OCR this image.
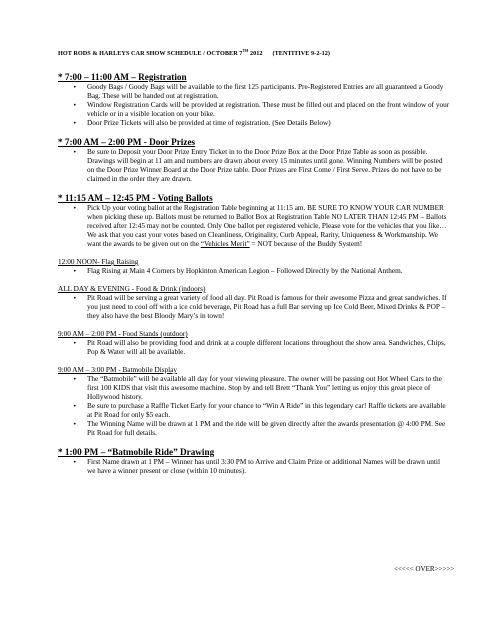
HOT RODS & HARLEYS CAR SHOW SCHEDULE / OCTOBER 7TH 2012 (TENTITIVE 9-2-12)
* 7:00 – 11:00 AM – Registration
• Goody Bags / Goody Bags will be available to the first 125 participants. Pre-Registered Entries are all guaranteed a Goody Bag. These will be handed out at registration.
• Window Registration Cards will be provided at registration. These must be filled out and placed on the front window of your vehicle or in a visible location on your bike.
• Door Prize Tickets will also be provided at time of registration. (See Details Below)
* 7:00 AM – 2:00 PM - Door Prizes
• Be sure to Deposit your Door Prize Entry Ticket in to the Door Prize Box at the Door Prize Table as soon as possible. Drawings will begin at 11 am and numbers are drawn about every 15 minutes until gone. Winning Numbers will be posted on the Door Prize Winner Board at the Door Prize table. Door Prizes are First Come / First Serve. Prizes do not have to be claimed in the order they are drawn.
* 11:15 AM – 12:45 PM - Voting Ballots
• Pick Up your voting ballot at the Registration Table beginning at 11:15 am. BE SURE TO KNOW YOUR CAR NUMBER when picking these up. Ballots must be returned to Ballot Box at Registration Table NO LATER THAN 12:45 PM – Ballots received after 12:45 may not be counted. Only One ballot per registered vehicle, Please vote for the vehicles that you like… We ask that you cast your votes based on Cleanliness, Originality, Curb Appeal, Rarity, Uniqueness & Workmanship. We want the awards to be given out on the “Vehicles Merit” = NOT because of the Buddy System!
12:00 NOON- Flag Raising
• Flag Rising at Main 4 Corners by Hopkinton American Legion – Followed Directly by the National Anthem.
ALL DAY & EVENING - Food & Drink (indoors)
• Pit Road will be serving a great variety of food all day. Pit Road is famous for their awesome Pizza and great sandwiches. If you just need to cool off with a ice cold beverage, Pit Road has a full Bar serving up Ice Cold Beer, Mixed Drinks & POP – they also have the best Bloody Mary’s in town!
9:00 AM – 2:00 PM - Food Stands (outdoor)
• Pit Road will also be providing food and drink at a couple different locations throughout the show area. Sandwiches, Chips, Pop & Water will all be available.
9:00 AM – 3:00 PM - Batmobile Display
• The “Batmobile” will be available all day for your viewing pleasure. The owner will be passing out Hot Wheel Cars to the first 100 KIDS that visit this awesome machine. Stop by and tell Brett “Thank You” letting us enjoy this great piece of Hollywood history.
• Be sure to purchase a Raffle Ticket Early for your chance to “Win A Ride” in this legendary car! Raffle tickets are available at Pit Road for only $5 each.
• The Winning Name will be drawn at 1 PM and the ride will be given directly after the awards presentation @ 4:00 PM. See Pit Road for full details.
* 1:00 PM – “Batmobile Ride” Drawing
• First Name drawn at 1 PM – Winner has until 3:30 PM to Arrive and Claim Prize or additional Names will be drawn until we have a winner present or close (within 10 minutes).
<<<<< OVER>>>>>
